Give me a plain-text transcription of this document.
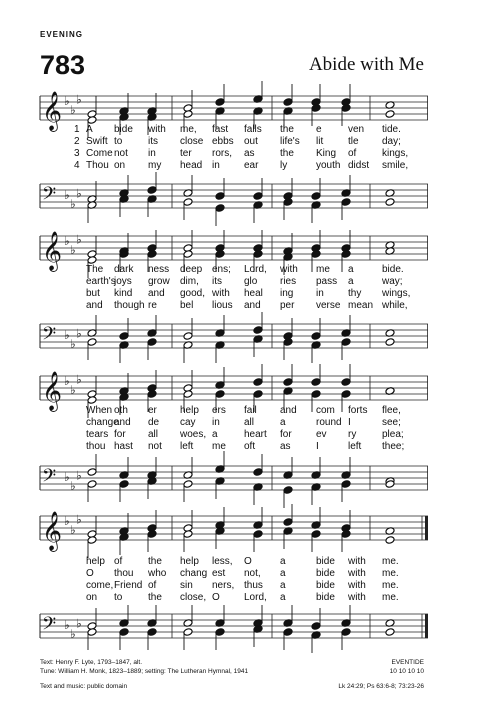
EVENING
783	Abide with Me
𝄞 ♭
♭
♭
1 A bide with me, fast falls the e	ven tide.
2 Swift to	its close ebbs out life's lit tle day;
3 Come not in ter rors, as	the King of	kings,
4 Thou on my head in ear ly	youth didst smile,
𝄢 ♭
♭
♭
𝄞 ♭
♭
♭
The dark ness deep ens; Lord, with me a	bide.
earth's
joys grow dim, its glo ries pass a	way;
but kind and good, with heal ing in thy wings,
and though re bel lious and per verse mean while,
𝄢 ♭
♭
♭
𝄞 ♭
♭
♭
When oth er help ers fail and com forts flee,
change
and de cay in all	a	round I	see;
tears for all woes, a	heart for ev ry	plea;
thou hast not left me oft as	I	left thee;
𝄢 ♭
♭
♭
𝄞 ♭
♭
♭
help of	the help less, O	a	bide with me.
O thou who chang est not, a	bide with me.
come, Friend of sin ners, thus a	bide with me.
on to	the close, O Lord, a	bide with me.
𝄢 ♭
♭
♭
Text: Henry F. Lyte, 1793–1847, alt.
Tune: William H. Monk, 1823–1889; setting: The Lutheran Hymnal, 1941
Text and music: public domain
EVENTIDE
10 10 10 10
Lk 24:29; Ps 63:6-8; 73:23-26
